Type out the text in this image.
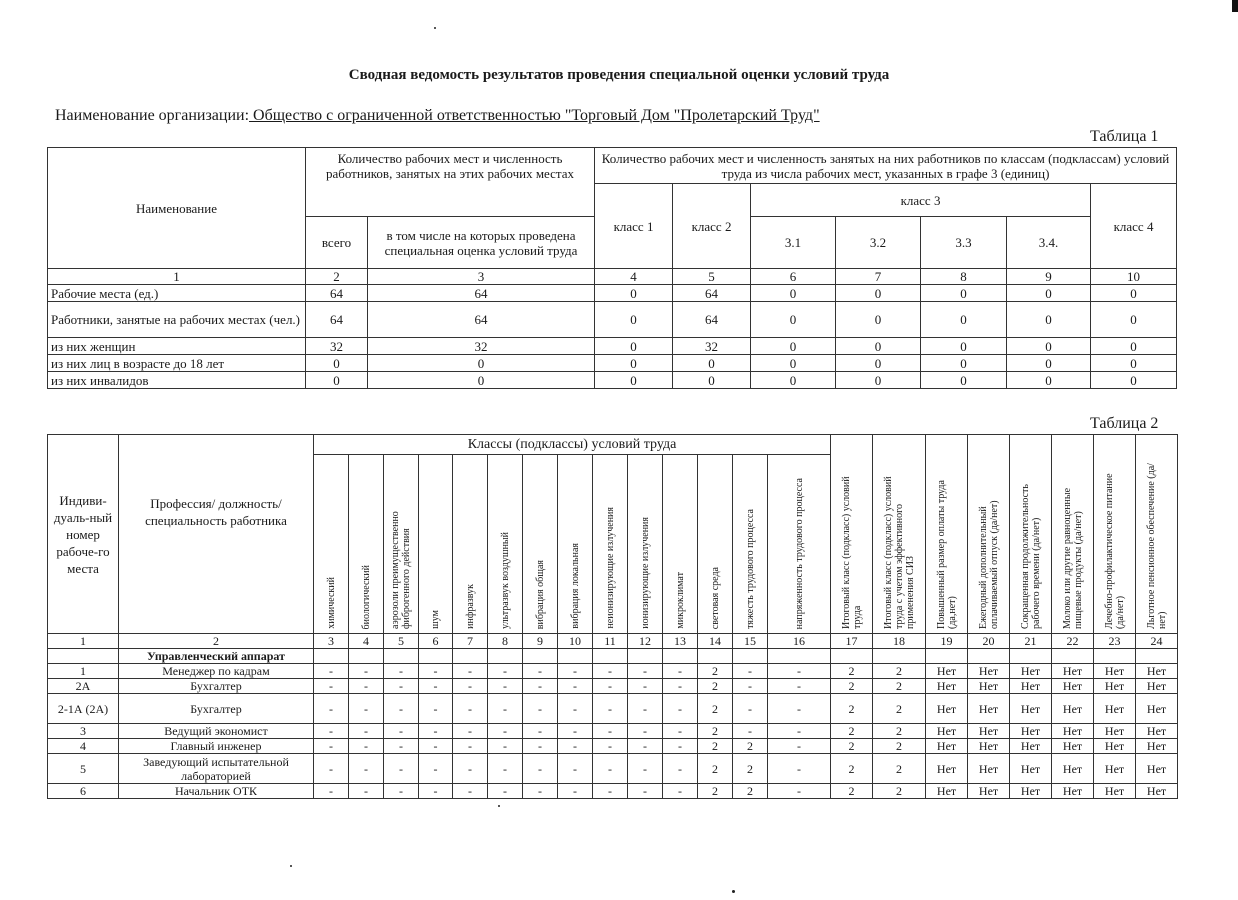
Сводная ведомость результатов проведения специальной оценки условий труда
Наименование организации: Общество с ограниченной ответственностью "Торговый Дом "Пролетарский Труд"
Таблица 1
Наименование	Количество рабочих мест и численность работников, занятых на этих рабочих местах		Количество рабочих мест и численность занятых на них работников по классам (подклассам) условий труда из числа рабочих мест, указанных в графе 3 (единиц)						
			класс 1	класс 2	класс 3				класс 4
	всего	в том числе на которых проведена специальная оценка условий труда			3.1	3.2	3.3	3.4.	
1	2	3	4	5	6	7	8	9	10
Рабочие места (ед.)	64	64	0	64	0	0	0	0	0
Работники, занятые на рабочих местах (чел.)	64	64	0	64	0	0	0	0	0
из них женщин	32	32	0	32	0	0	0	0	0
из них лиц в возрасте до 18 лет	0	0	0	0	0	0	0	0	0
из них инвалидов	0	0	0	0	0	0	0	0	0
Таблица 2
Индиви-дуаль-ный номер рабоче-го места	Профессия/ должность/ специальность работника	Классы (подклассы) условий труда														Итоговый класс (подкласс) условий труда	Итоговый класс (подкласс) условий труда с учетом эффективного применения СИЗ	Повышенный размер оплаты труда (да,нет)	Ежегодный дополнительный оплачиваемый отпуск (да/нет)	Сокращенная продолжительность рабочего времени (да/нет)	Молоко или другие равноценные пищевые продукты (да/нет)	Лечебно-профилактическое питание (да/нет)	Льготное пенсионное обеспечение (да/нет)

		химический	биологический	аэрозоли преимущественно фиброгенного действия	шум	инфразвук	ультразвук воздушный	вибрация общая	вибрация локальная	неионизирующие излучения	ионизирующие излучения	микроклимат	световая среда	тяжесть трудового процесса	напряженность трудового процесса								

1	2	3	4	5	6	7	8	9	10	11	12	13	14	15	16	17	18	19	20	21	22	23	24
	Управленческий аппарат																						
1	Менеджер по кадрам	-	-	-	-	-	-	-	-	-	-	-	2	-	-	2	2	Нет	Нет	Нет	Нет	Нет	Нет
2А	Бухгалтер	-	-	-	-	-	-	-	-	-	-	-	2	-	-	2	2	Нет	Нет	Нет	Нет	Нет	Нет
2-1А (2А)	Бухгалтер	-	-	-	-	-	-	-	-	-	-	-	2	-	-	2	2	Нет	Нет	Нет	Нет	Нет	Нет
3	Ведущий экономист	-	-	-	-	-	-	-	-	-	-	-	2	-	-	2	2	Нет	Нет	Нет	Нет	Нет	Нет
4	Главный инженер	-	-	-	-	-	-	-	-	-	-	-	2	2	-	2	2	Нет	Нет	Нет	Нет	Нет	Нет
5	Заведующий испытательной лабораторией	-	-	-	-	-	-	-	-	-	-	-	2	2	-	2	2	Нет	Нет	Нет	Нет	Нет	Нет
6	Начальник ОТК	-	-	-	-	-	-	-	-	-	-	-	2	2	-	2	2	Нет	Нет	Нет	Нет	Нет	Нет
